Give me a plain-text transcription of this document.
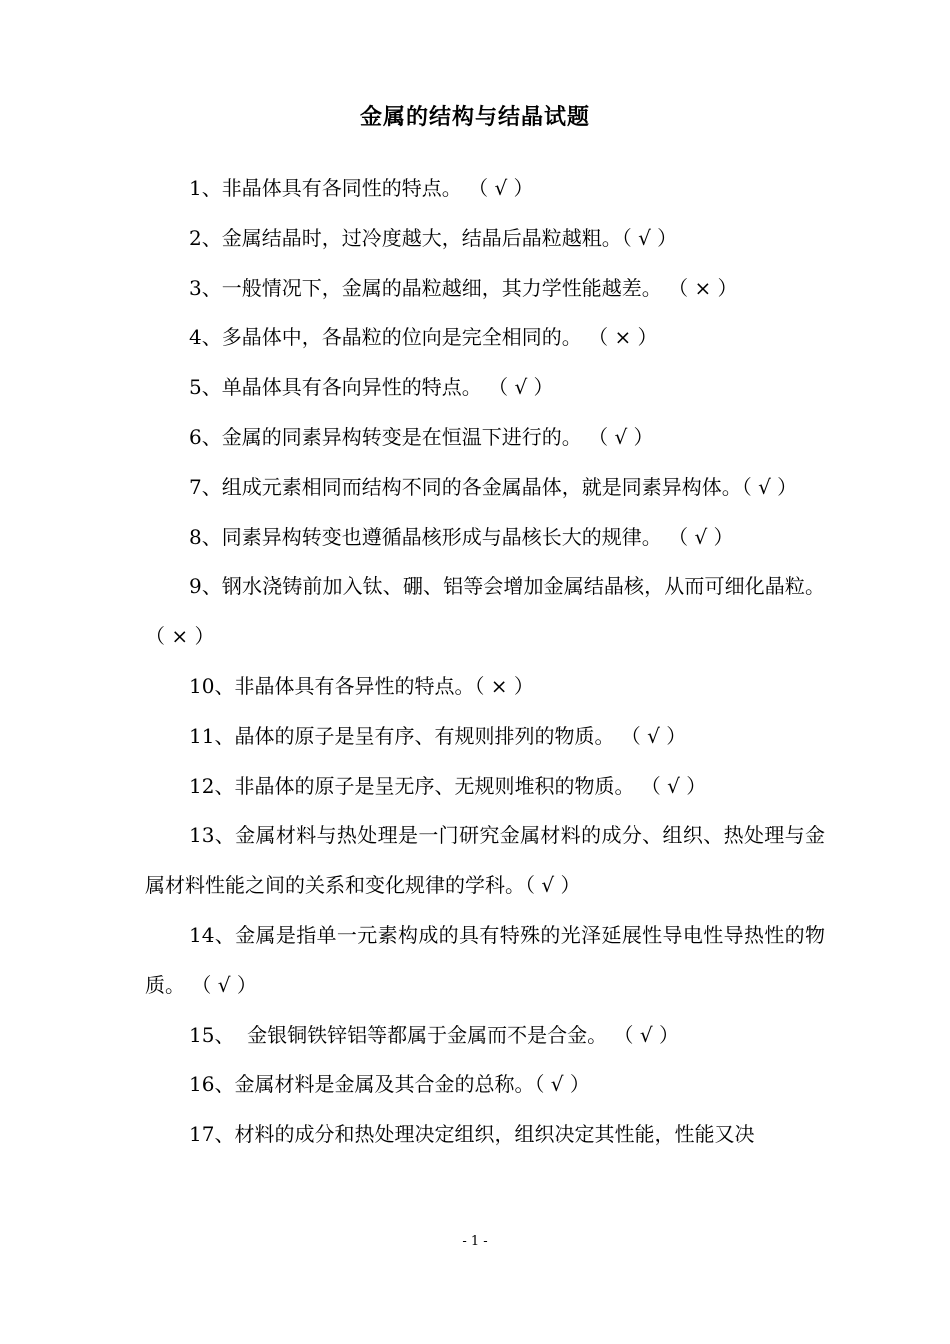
金属的结构与结晶试题

1、非晶体具有各同性的特点。 （ √ ）

2、金属结晶时，过冷度越大，结晶后晶粒越粗。（ √ ）

3、一般情况下，金属的晶粒越细，其力学性能越差。 （ × ）

4、多晶体中，各晶粒的位向是完全相同的。 （ × ）

5、单晶体具有各向异性的特点。 （ √ ）

6、金属的同素异构转变是在恒温下进行的。 （ √ ）

7、组成元素相同而结构不同的各金属晶体，就是同素异构体。（ √ ）

8、同素异构转变也遵循晶核形成与晶核长大的规律。 （ √ ）

9、钢水浇铸前加入钛、硼、铝等会增加金属结晶核，从而可细化晶粒。（ × ）

10、非晶体具有各异性的特点。（ × ）

11、晶体的原子是呈有序、有规则排列的物质。 （ √ ）

12、非晶体的原子是呈无序、无规则堆积的物质。 （ √ ）

13、金属材料与热处理是一门研究金属材料的成分、组织、热处理与金属材料性能之间的关系和变化规律的学科。（ √ ）

14、金属是指单一元素构成的具有特殊的光泽延展性导电性导热性的物质。 （ √ ）

15、  金银铜铁锌铝等都属于金属而不是合金。 （ √ ）

16、金属材料是金属及其合金的总称。（ √ ）

17、材料的成分和热处理决定组织，组织决定其性能，性能又决

- 1 -
